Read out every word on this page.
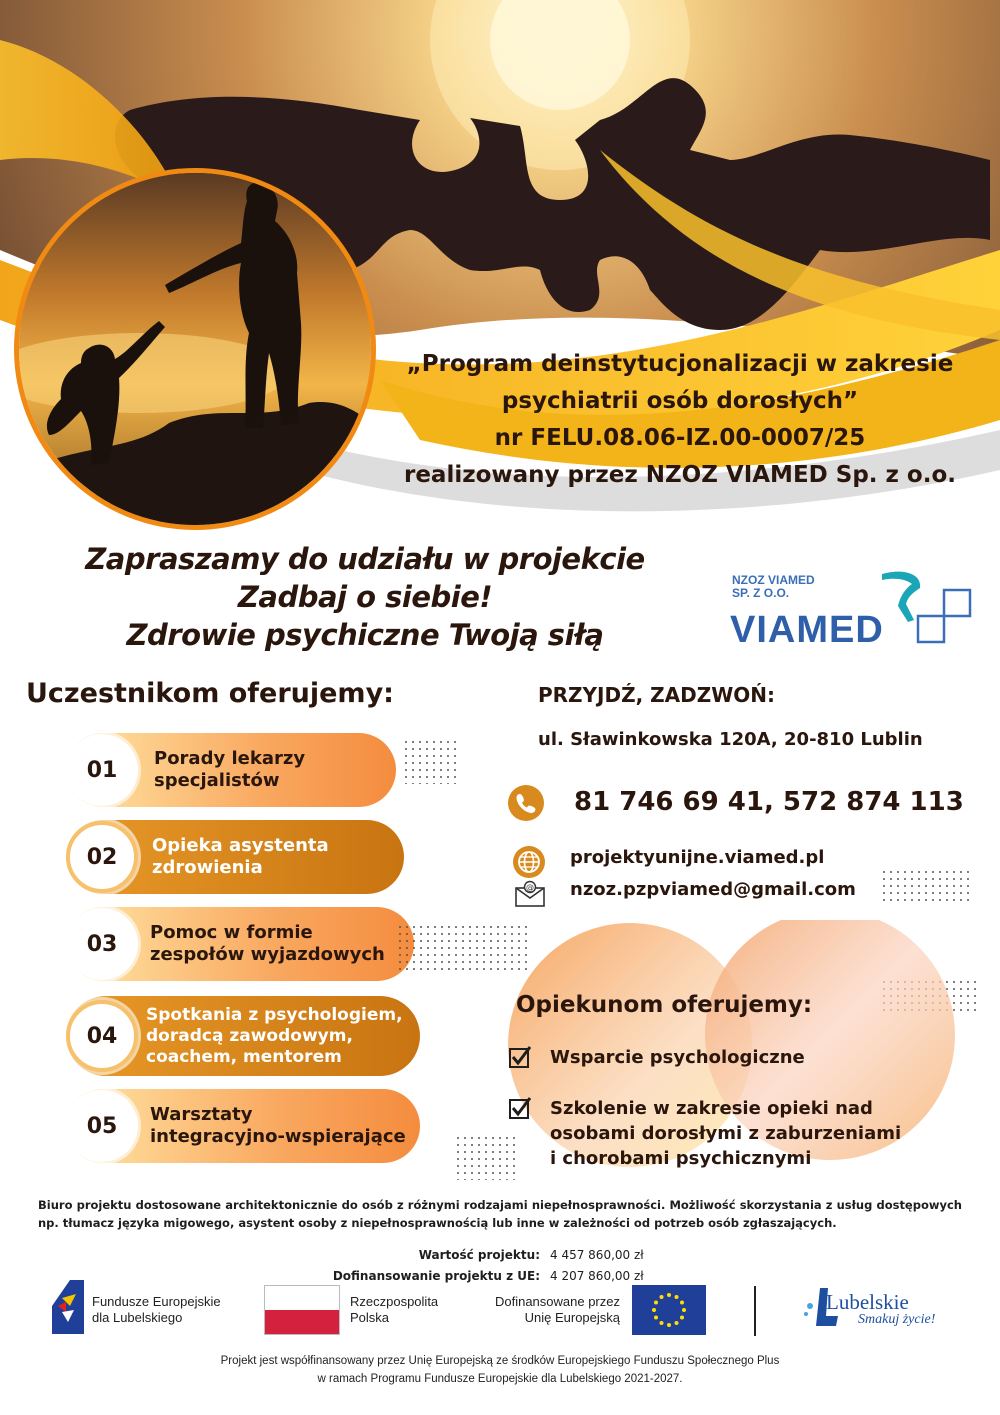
„Program deinstytucjonalizacji w zakresie
psychiatrii osób dorosłych”
nr FELU.08.06-IZ.00-0007/25
realizowany przez NZOZ VIAMED Sp. z o.o.
Zapraszamy do udziału w projekcie
Zadbaj o siebie!
Zdrowie psychiczne Twoją siłą
NZOZ VIAMED
SP. Z O.O.
VIAMED
Uczestnikom oferujemy:
01	Porady lekarzy
specjalistów
02	Opieka asystenta
zdrowienia
03	Pomoc w formie
zespołów wyjazdowych
04
Spotkania z psychologiem,
doradcą zawodowym,
coachem, mentorem
05	Warsztaty
integracyjno-wspierające
PRZYJDŹ, ZADZWOŃ:
ul. Sławinkowska 120A, 20-810 Lublin
81 746 69 41, 572 874 113
projektyunijne.viamed.pl
@ nzoz.pzpviamed@gmail.com
Opiekunom oferujemy:
Wsparcie psychologiczne
Szkolenie w zakresie opieki nad
osobami dorosłymi z zaburzeniami
i chorobami psychicznymi
Biuro projektu dostosowane architektonicznie do osób z różnymi rodzajami niepełnosprawności. Możliwość skorzystania z usług dostępowych np. tłumacz języka migowego, asystent osoby z niepełnosprawnością lub inne w zależności od potrzeb osób zgłaszających.
Wartość projektu: 4 457 860,00 zł
Dofinansowanie projektu z UE: 4 207 860,00 zł
Fundusze Europejskie
dla Lubelskiego
Rzeczpospolita
Polska
Dofinansowane przez
Unię Europejską
Lubelskie
Smakuj życie!
Projekt jest współfinansowany przez Unię Europejską ze środków Europejskiego Funduszu Społecznego Plus
w ramach Programu Fundusze Europejskie dla Lubelskiego 2021-2027.
